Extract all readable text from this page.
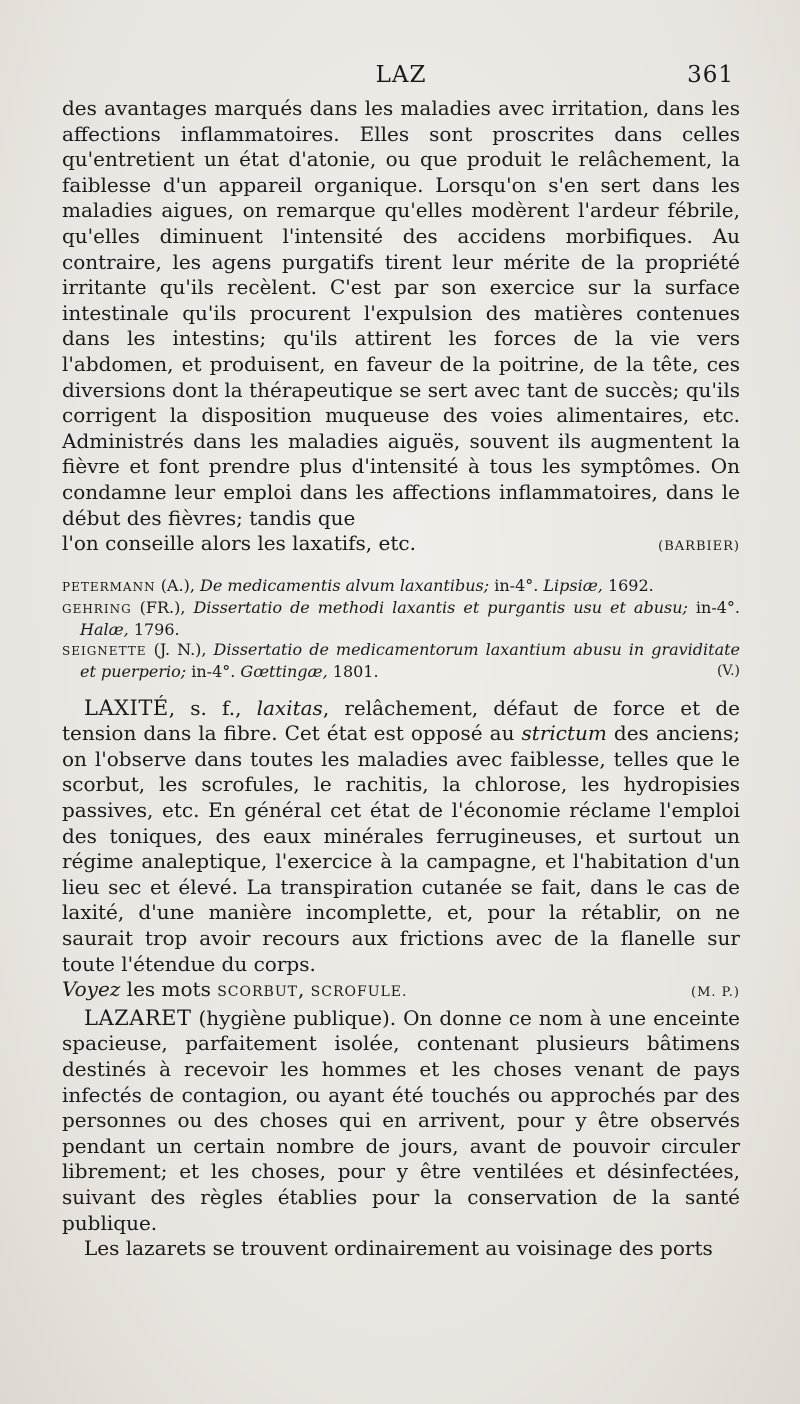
LAZ	361

des avantages marqués dans les maladies avec irritation, dans les affections inflammatoires. Elles sont proscrites dans celles qu'entretient un état d'atonie, ou que produit le relâchement, la faiblesse d'un appareil organique. Lorsqu'on s'en sert dans les maladies aigues, on remarque qu'elles modèrent l'ardeur fébrile, qu'elles diminuent l'intensité des accidens morbifiques. Au contraire, les agens purgatifs tirent leur mérite de la propriété irritante qu'ils recèlent. C'est par son exercice sur la surface intestinale qu'ils procurent l'expulsion des matières contenues dans les intestins; qu'ils attirent les forces de la vie vers l'abdomen, et produisent, en faveur de la poitrine, de la tête, ces diversions dont la thérapeutique se sert avec tant de succès; qu'ils corrigent la disposition muqueuse des voies alimentaires, etc. Administrés dans les maladies aiguës, souvent ils augmentent la fièvre et font prendre plus d'intensité à tous les symptômes. On condamne leur emploi dans les affections inflammatoires, dans le début des fièvres; tandis que

l'on conseille alors les laxatifs, etc.	(BARBIER)

PETERMANN (A.), De medicamentis alvum laxantibus; in-4°. Lipsiæ, 1692.

GEHRING (FR.), Dissertatio de methodi laxantis et purgantis usu et abusu; in-4°. Halæ, 1796.

SEIGNETTE (J. N.), Dissertatio de medicamentorum laxantium abusu in graviditate et puerperio; in-4°. Gœttingæ, 1801.	(V.)

LAXITÉ, s. f., laxitas, relâchement, défaut de force et de tension dans la fibre. Cet état est opposé au strictum des anciens; on l'observe dans toutes les maladies avec faiblesse, telles que le scorbut, les scrofules, le rachitis, la chlorose, les hydropisies passives, etc. En général cet état de l'économie réclame l'emploi des toniques, des eaux minérales ferrugineuses, et surtout un régime analeptique, l'exercice à la campagne, et l'habitation d'un lieu sec et élevé. La transpiration cutanée se fait, dans le cas de laxité, d'une manière incomplette, et, pour la rétablir, on ne saurait trop avoir recours aux frictions avec de la flanelle sur toute l'étendue du corps.

Voyez les mots SCORBUT, SCROFULE.	(M. P.)

LAZARET (hygiène publique). On donne ce nom à une enceinte spacieuse, parfaitement isolée, contenant plusieurs bâtimens destinés à recevoir les hommes et les choses venant de pays infectés de contagion, ou ayant été touchés ou approchés par des personnes ou des choses qui en arrivent, pour y être observés pendant un certain nombre de jours, avant de pouvoir circuler librement; et les choses, pour y être ventilées et désinfectées, suivant des règles établies pour la conservation de la santé publique.

Les lazarets se trouvent ordinairement au voisinage des ports
